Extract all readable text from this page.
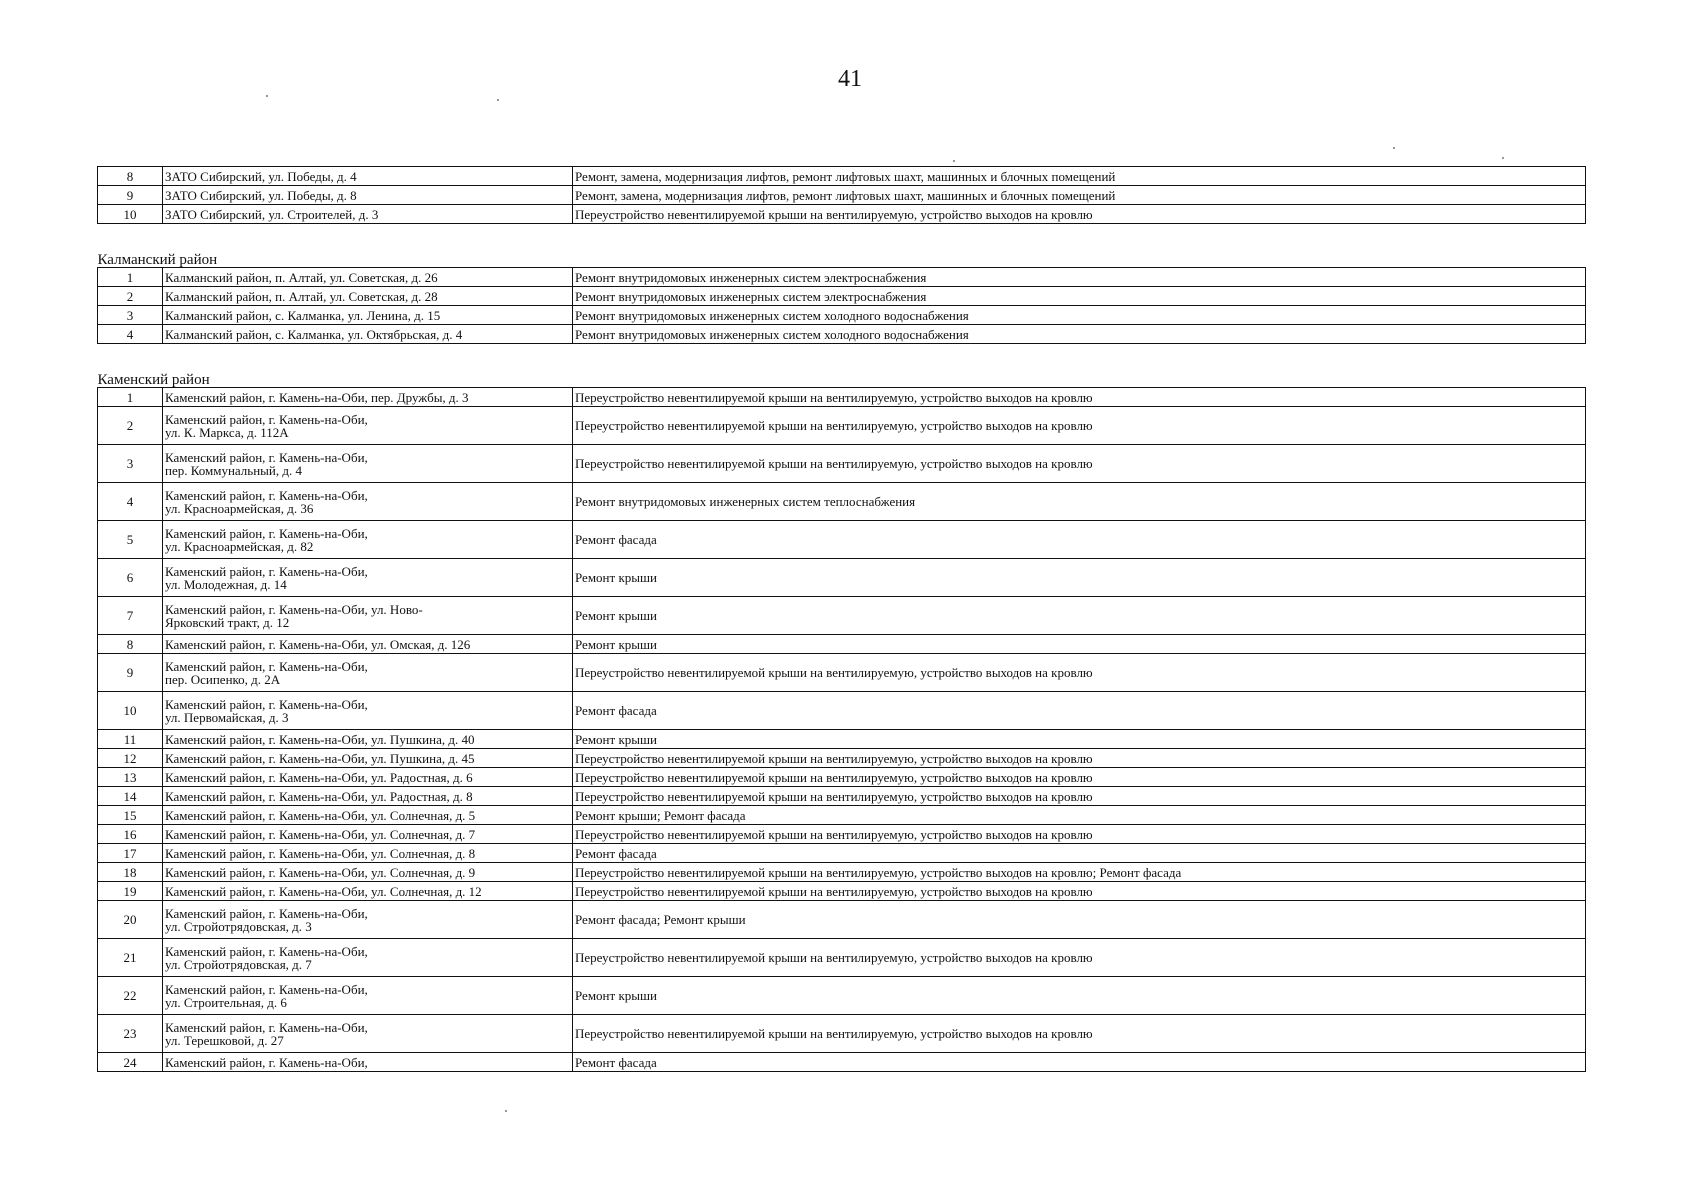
41
8	ЗАТО Сибирский, ул. Победы, д. 4	Ремонт, замена, модернизация лифтов, ремонт лифтовых шахт, машинных и блочных помещений

9	ЗАТО Сибирский, ул. Победы, д. 8	Ремонт, замена, модернизация лифтов, ремонт лифтовых шахт, машинных и блочных помещений

10	ЗАТО Сибирский, ул. Строителей, д. 3	Переустройство невентилируемой крыши на вентилируемую, устройство выходов на кровлю

Калманский район		

1	Калманский район, п. Алтай, ул. Советская, д. 26	Ремонт внутридомовых инженерных систем электроснабжения

2	Калманский район, п. Алтай, ул. Советская, д. 28	Ремонт внутридомовых инженерных систем электроснабжения

3	Калманский район, с. Калманка, ул. Ленина, д. 15	Ремонт внутридомовых инженерных систем холодного водоснабжения

4	Калманский район, с. Калманка, ул. Октябрьская, д. 4	Ремонт внутридомовых инженерных систем холодного водоснабжения

Каменский район		

1	Каменский район, г. Камень-на-Оби, пер. Дружбы, д. 3	Переустройство невентилируемой крыши на вентилируемую, устройство выходов на кровлю

2	Каменский район, г. Камень-на-Оби,
ул. К. Маркса, д. 112А	Переустройство невентилируемой крыши на вентилируемую, устройство выходов на кровлю

3	Каменский район, г. Камень-на-Оби,
пер. Коммунальный, д. 4	Переустройство невентилируемой крыши на вентилируемую, устройство выходов на кровлю

4	Каменский район, г. Камень-на-Оби,
ул. Красноармейская, д. 36	Ремонт внутридомовых инженерных систем теплоснабжения

5	Каменский район, г. Камень-на-Оби,
ул. Красноармейская, д. 82	Ремонт фасада

6	Каменский район, г. Камень-на-Оби,
ул. Молодежная, д. 14	Ремонт крыши

7	Каменский район, г. Камень-на-Оби, ул. Ново-
Ярковский тракт, д. 12	Ремонт крыши

8	Каменский район, г. Камень-на-Оби, ул. Омская, д. 126	Ремонт крыши

9	Каменский район, г. Камень-на-Оби,
пер. Осипенко, д. 2А	Переустройство невентилируемой крыши на вентилируемую, устройство выходов на кровлю

10	Каменский район, г. Камень-на-Оби,
ул. Первомайская, д. 3	Ремонт фасада

11	Каменский район, г. Камень-на-Оби, ул. Пушкина, д. 40	Ремонт крыши

12	Каменский район, г. Камень-на-Оби, ул. Пушкина, д. 45	Переустройство невентилируемой крыши на вентилируемую, устройство выходов на кровлю

13	Каменский район, г. Камень-на-Оби, ул. Радостная, д. 6	Переустройство невентилируемой крыши на вентилируемую, устройство выходов на кровлю

14	Каменский район, г. Камень-на-Оби, ул. Радостная, д. 8	Переустройство невентилируемой крыши на вентилируемую, устройство выходов на кровлю

15	Каменский район, г. Камень-на-Оби, ул. Солнечная, д. 5	Ремонт крыши; Ремонт фасада

16	Каменский район, г. Камень-на-Оби, ул. Солнечная, д. 7	Переустройство невентилируемой крыши на вентилируемую, устройство выходов на кровлю

17	Каменский район, г. Камень-на-Оби, ул. Солнечная, д. 8	Ремонт фасада

18	Каменский район, г. Камень-на-Оби, ул. Солнечная, д. 9	Переустройство невентилируемой крыши на вентилируемую, устройство выходов на кровлю; Ремонт фасада

19	Каменский район, г. Камень-на-Оби, ул. Солнечная, д. 12	Переустройство невентилируемой крыши на вентилируемую, устройство выходов на кровлю

20	Каменский район, г. Камень-на-Оби,
ул. Стройотрядовская, д. 3	Ремонт фасада; Ремонт крыши

21	Каменский район, г. Камень-на-Оби,
ул. Стройотрядовская, д. 7	Переустройство невентилируемой крыши на вентилируемую, устройство выходов на кровлю

22	Каменский район, г. Камень-на-Оби,
ул. Строительная, д. 6	Ремонт крыши

23	Каменский район, г. Камень-на-Оби,
ул. Терешковой, д. 27	Переустройство невентилируемой крыши на вентилируемую, устройство выходов на кровлю

24	Каменский район, г. Камень-на-Оби,	Ремонт фасада
